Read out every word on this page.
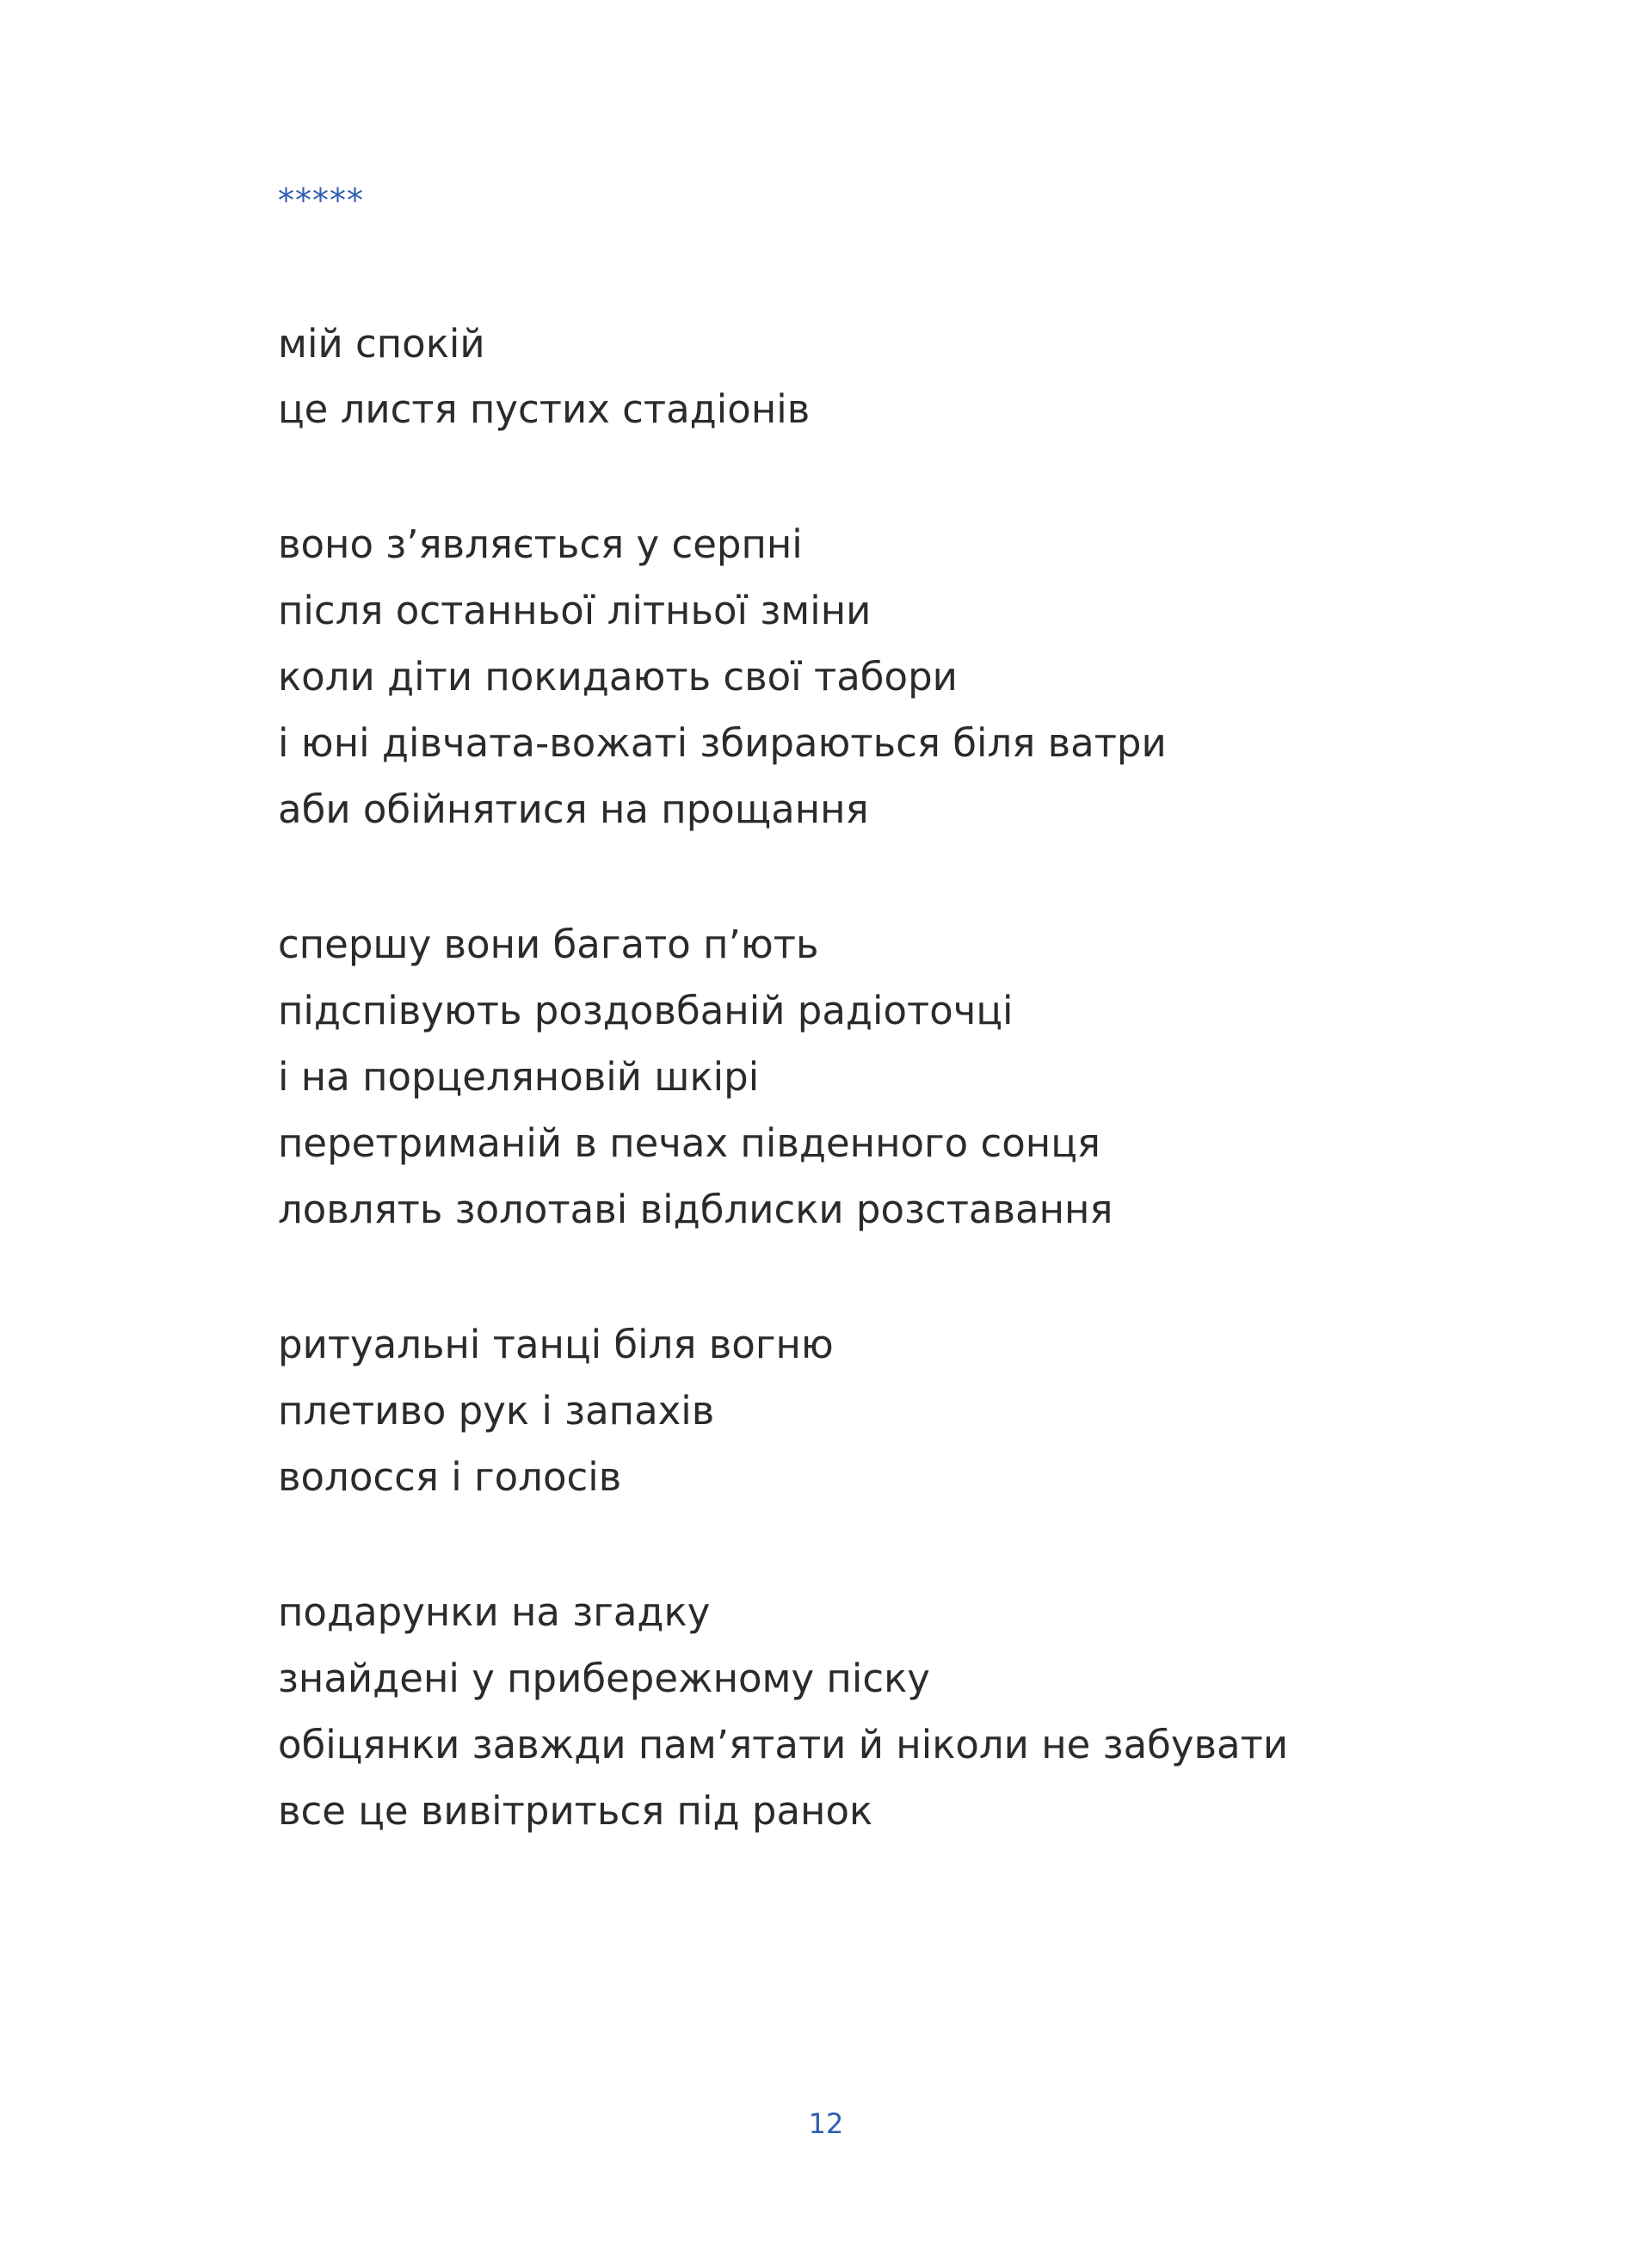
*****
мій спокій
це листя пустих стадіонів
воно з’являється у серпні
після останньої літньої зміни
коли діти покидають свої табори
і юні дівчата-вожаті збираються біля ватри
аби обійнятися на прощання
спершу вони багато п’ють
підспівують роздовбаній радіоточці
і на порцеляновій шкірі
перетриманій в печах південного сонця
ловлять золотаві відблиски розставання
ритуальні танці біля вогню
плетиво рук і запахів
волосся і голосів
подарунки на згадку
знайдені у прибережному піску
обіцянки завжди пам’ятати й ніколи не забувати
все це вивітриться під ранок
12
